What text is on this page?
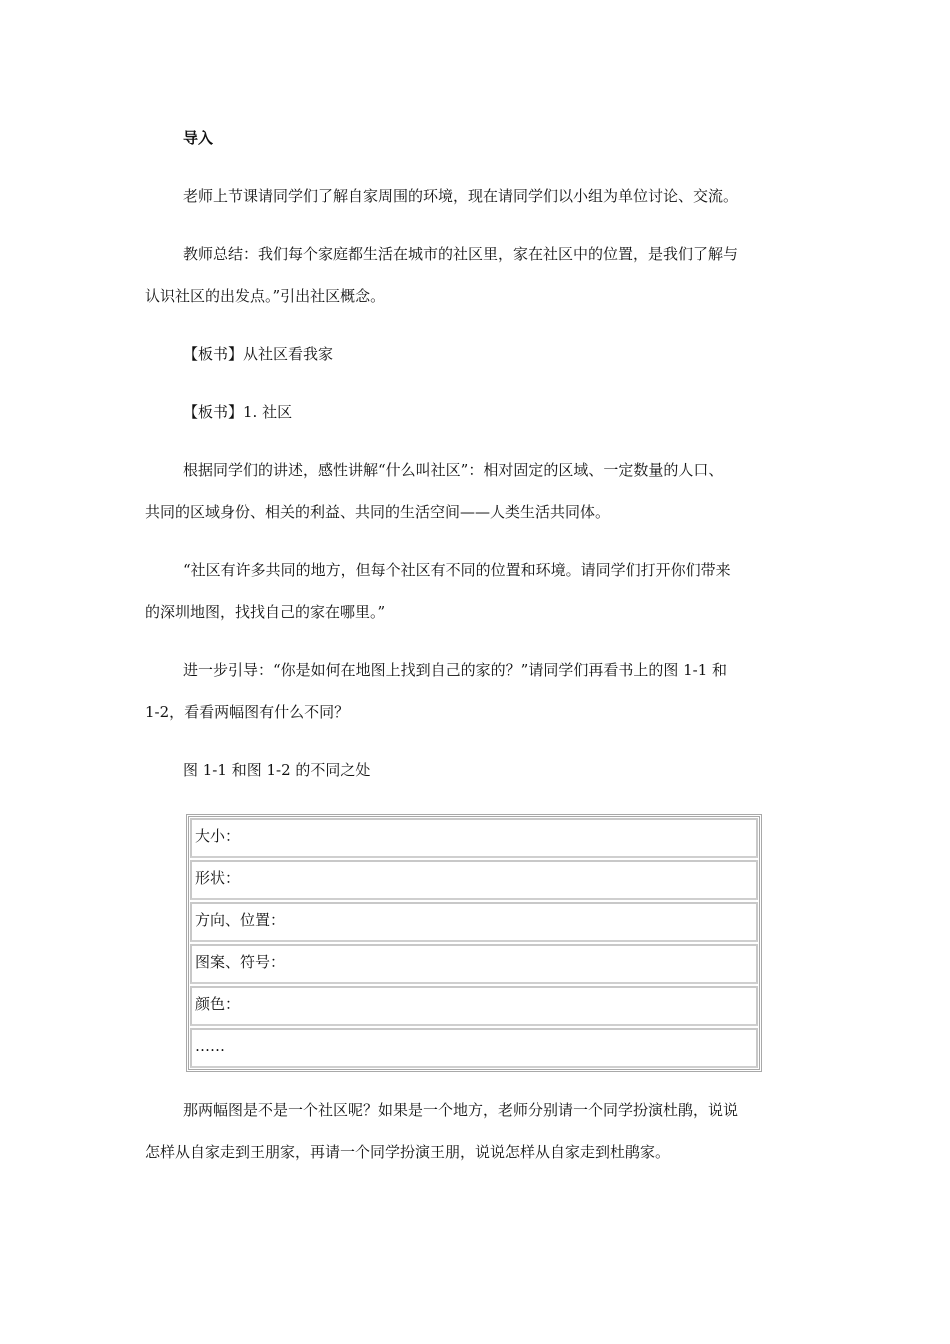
导入
老师上节课请同学们了解自家周围的环境，现在请同学们以小组为单位讨论、交流。
教师总结：我们每个家庭都生活在城市的社区里，家在社区中的位置，是我们了解与
认识社区的出发点。”引出社区概念。
【板书】从社区看我家
【板书】1. 社区
根据同学们的讲述，感性讲解“什么叫社区”：相对固定的区域、一定数量的人口、
共同的区域身份、相关的利益、共同的生活空间——人类生活共同体。
“社区有许多共同的地方，但每个社区有不同的位置和环境。请同学们打开你们带来
的深圳地图，找找自己的家在哪里。”
进一步引导：“你是如何在地图上找到自己的家的？”请同学们再看书上的图 1-1 和
1-2，看看两幅图有什么不同？
图 1-1 和图 1-2 的不同之处
大小：
形状：
方向、位置：
图案、符号：
颜色：
……
那两幅图是不是一个社区呢？如果是一个地方，老师分别请一个同学扮演杜鹃，说说
怎样从自家走到王朋家，再请一个同学扮演王朋，说说怎样从自家走到杜鹃家。
